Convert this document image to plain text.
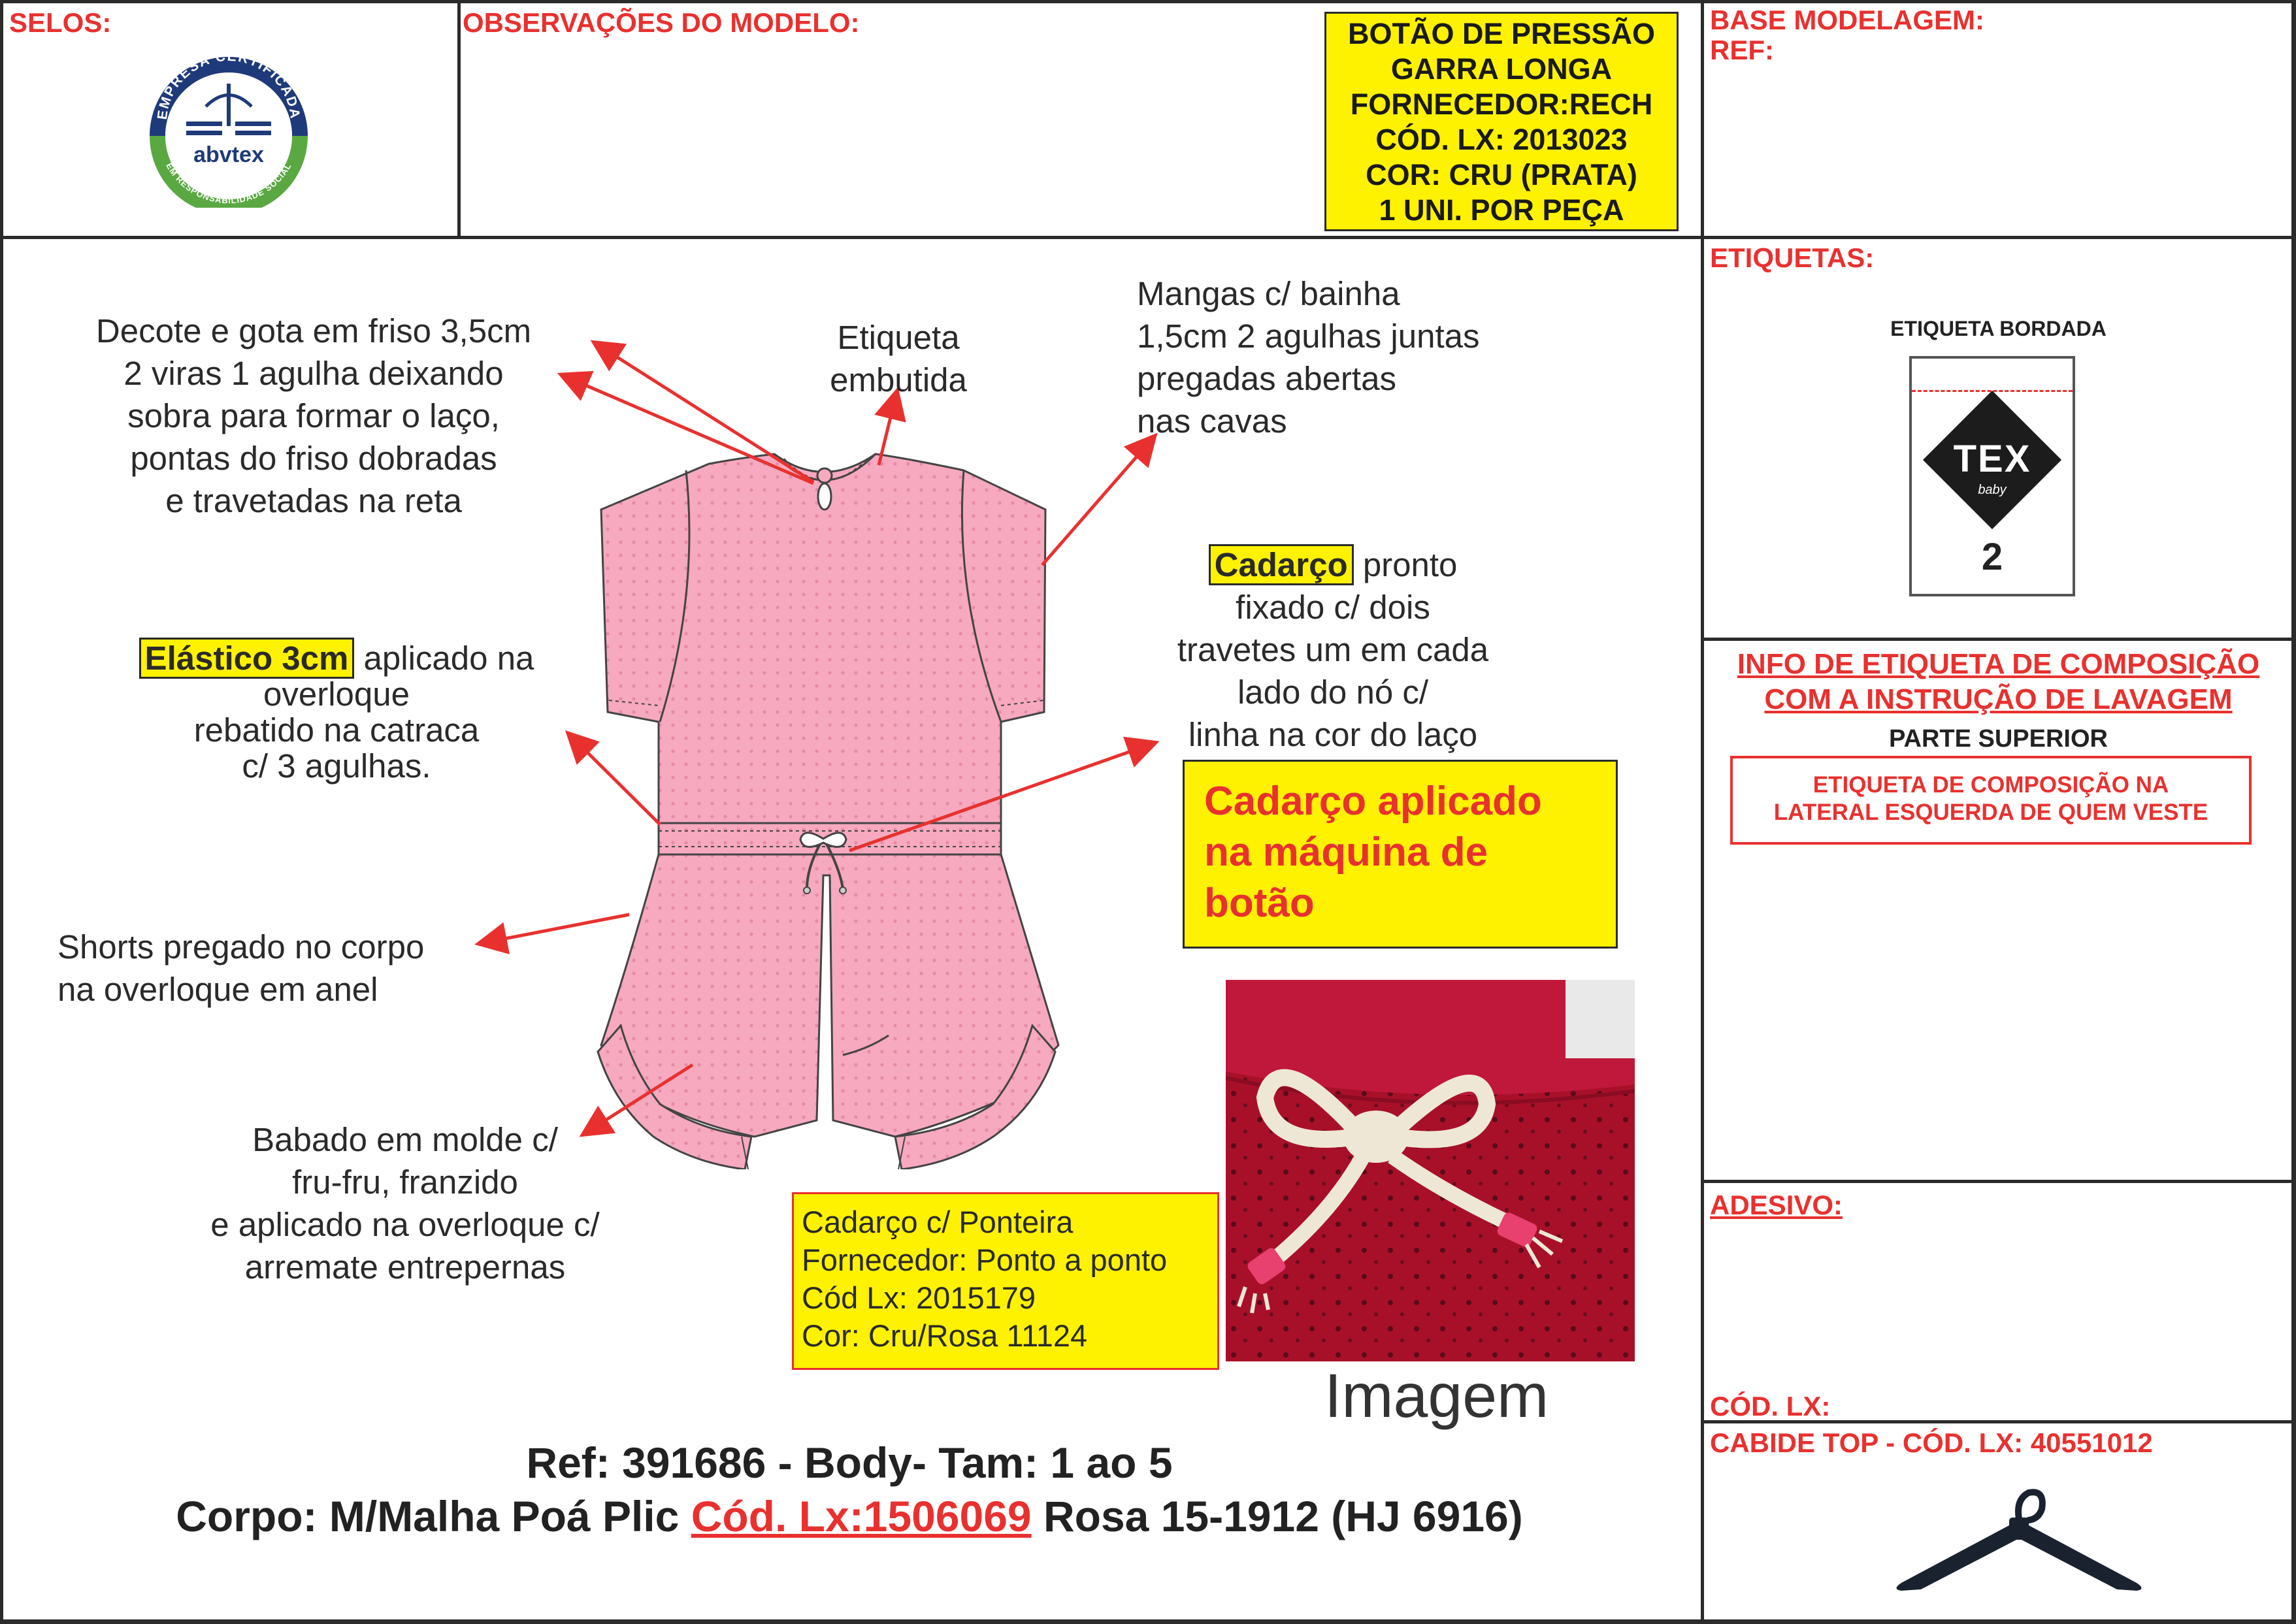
SELOS:	OBSERVAÇÕES DO MODELO:	BASE MODELAGEM:
REF:
EMPRESA CERTIFICADA
EM RESPONSABILIDADE SOCIAL
abvtex
BOTÃO DE PRESSÃO
GARRA LONGA
FORNECEDOR:RECH
CÓD. LX: 2013023
COR: CRU (PRATA)
1 UNI. POR PEÇA
Decote e gota em friso 3,5cm
2 viras 1 agulha deixando
sobra para formar o laço,
pontas do friso dobradas
e travetadas na reta
Etiqueta
embutida
Mangas c/ bainha
1,5cm 2 agulhas juntas
pregadas abertas
nas cavas
Cadarço pronto
fixado c/ dois
travetes um em cada
lado do nó c/
linha na cor do laço
Elástico 3cm aplicado na
overloque
rebatido na catraca
c/ 3 agulhas.
Shorts pregado no corpo
na overloque em anel
Babado em molde c/
fru-fru, franzido
e aplicado na overloque c/
arremate entrepernas
Cadarço aplicado
na máquina de
botão
Cadarço c/ Ponteira
Fornecedor: Ponto a ponto
Cód Lx: 2015179
Cor: Cru/Rosa 11124
Imagem
Ref: 391686 - Body- Tam: 1 ao 5
Corpo: M/Malha Poá Plic Cód. Lx:1506069 Rosa 15-1912 (HJ 6916)
ETIQUETAS:
ETIQUETA BORDADA
TEX
baby
2
INFO DE ETIQUETA DE COMPOSIÇÃO
COM A INSTRUÇÃO DE LAVAGEM
PARTE SUPERIOR
ETIQUETA DE COMPOSIÇÃO NA
LATERAL ESQUERDA DE QUEM VESTE
ADESIVO:
CÓD. LX:
CABIDE TOP - CÓD. LX: 40551012
